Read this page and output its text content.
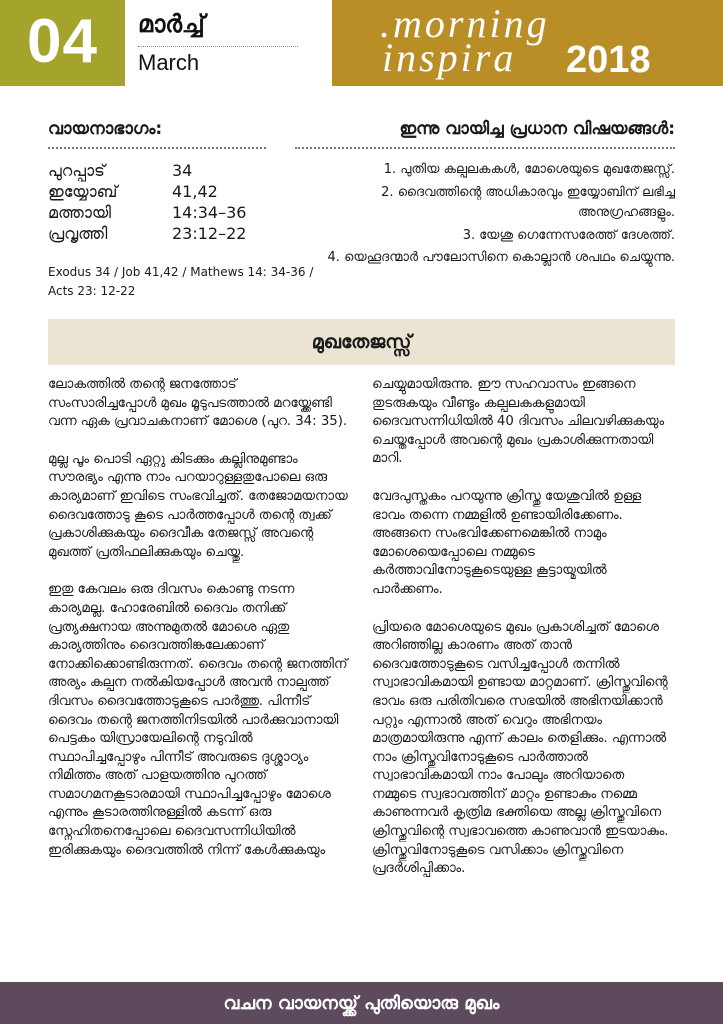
04	മാർച്ച്
March
.morning
inspira 2018
വായനാഭാഗം:
പുറപ്പാട്	34
ഇയ്യോബ്	41,42
മത്തായി	14:34–36
പ്രവൃത്തി	23:12–22
Exodus 34 / Job 41,42 / Mathews 14: 34-36 / Acts 23: 12-22
ഇന്നു വായിച്ച പ്രധാന വിഷയങ്ങൾ:
1. പുതിയ കല്പലകകൾ, മോശെയുടെ മുഖതേജസ്സ്.
2. ദൈവത്തിന്റെ അധികാരവും ഇയ്യോബിന് ലഭിച്ച അനുഗ്രഹങ്ങളും.
3. യേശു ഗെന്നേസരേത്ത് ദേശത്ത്.
4. യെഹൂദന്മാർ പൗലോസിനെ കൊല്ലാൻ ശപഥം ചെയ്യുന്നു.
മുഖതേജസ്സ്

ലോകത്തിൽ തന്റെ ജനത്തോട് സംസാരിച്ചപ്പോൾ മുഖം മൂടുപടത്താൽ മറയ്ക്കേണ്ടി വന്ന ഏക പ്രവാചകനാണ് മോശെ (പുറ. 34: 35).

മുല്ല പൂം പൊടി ഏറ്റു കിടക്കും കല്ലിനുമുണ്ടാം സൗരഭ്യം എന്നു നാം പറയാറുള്ളതുപോലെ ഒരു കാര്യമാണ് ഇവിടെ സംഭവിച്ചത്. തേജോമയനായ ദൈവത്തോടു കൂടെ പാർത്തപ്പോൾ തന്റെ ത്വക്ക് പ്രകാശിക്കുകയും ദൈവീക തേജസ്സ് അവന്റെ മുഖത്ത് പ്രതിഫലിക്കുകയും ചെയ്തു.

ഇതു കേവലം ഒരു ദിവസം കൊണ്ടു നടന്ന കാര്യമല്ല. ഹോരേബിൽ ദൈവം തനിക്ക് പ്രത്യക്ഷനായ അന്നുമുതൽ മോശെ ഏതു കാര്യത്തിനും ദൈവത്തിങ്കലേക്കാണ് നോക്കിക്കൊണ്ടിരുന്നത്. ദൈവം തന്റെ ജനത്തിന് അര്യം കല്പന നൽകിയപ്പോൾ അവൻ നാല്പത്ത് ദിവസം ദൈവത്തോടുകൂടെ പാർത്തു. പിന്നീട് ദൈവം തന്റെ ജനത്തിനിടയിൽ പാർക്കുവാനായി പെട്ടകം യിസ്രായേലിന്റെ നടുവിൽ സ്ഥാപിച്ചപ്പോഴും പിന്നീട് അവരുടെ ദുശ്ശാഠ്യം നിമിത്തം അത് പാളയത്തിനു പുറത്ത് സമാഗമനകൂടാരമായി സ്ഥാപിച്ചപ്പോഴും മോശെ എന്നും കൂടാരത്തിനുള്ളിൽ കടന്ന് ഒരു സ്നേഹിതനെപ്പോലെ ദൈവസന്നിധിയിൽ ഇരിക്കുകയും ദൈവത്തിൽ നിന്ന് കേൾക്കുകയും

ചെയ്യുമായിരുന്നു. ഈ സഹവാസം ഇങ്ങനെ തുടരുകയും വീണ്ടും കല്പലകകളുമായി ദൈവസന്നിധിയിൽ 40 ദിവസം ചിലവഴിക്കുകയും ചെയ്തപ്പോൾ അവന്റെ മുഖം പ്രകാശിക്കുന്നതായി മാറി.

വേദപുസ്തകം പറയുന്നു ക്രിസ്തു യേശുവിൽ ഉള്ള ഭാവം തന്നെ നമ്മളിൽ ഉണ്ടായിരിക്കേണം. അങ്ങനെ സംഭവിക്കേണമെങ്കിൽ നാമും മോശെയെപ്പോലെ നമ്മുടെ കർത്താവിനോടുകൂടെയുള്ള കൂട്ടായ്മയിൽ പാർക്കണം.

പ്രിയരെ മോശെയുടെ മുഖം പ്രകാശിച്ചത് മോശെ അറിഞ്ഞില്ല കാരണം അത് താൻ ദൈവത്തോടുകൂടെ വസിച്ചപ്പോൾ തന്നിൽ സ്വാഭാവികമായി ഉണ്ടായ മാറ്റമാണ്. ക്രിസ്തുവിന്റെ ഭാവം ഒരു പരിതിവരെ സഭയിൽ അഭിനയിക്കാൻ പറ്റും എന്നാൽ അത് വെറും അഭിനയം മാത്രമായിരുന്നു എന്ന് കാലം തെളിക്കും. എന്നാൽ നാം ക്രിസ്തുവിനോടുകൂടെ പാർത്താൽ സ്വാഭാവികമായി നാം പോലും അറിയാതെ നമ്മുടെ സ്വഭാവത്തിന് മാറ്റം ഉണ്ടാകും നമ്മെ കാണുന്നവർ കൃത്രിമ ഭക്തിയെ അല്ല ക്രിസ്തുവിനെ ക്രിസ്തുവിന്റെ സ്വഭാവത്തെ കാണുവാൻ ഇടയാകും. ക്രിസ്തുവിനോടുകൂടെ വസിക്കാം ക്രിസ്തുവിനെ പ്രദർശിപ്പിക്കാം.

വചന വായനയ്ക്ക് പുതിയൊരു മുഖം
